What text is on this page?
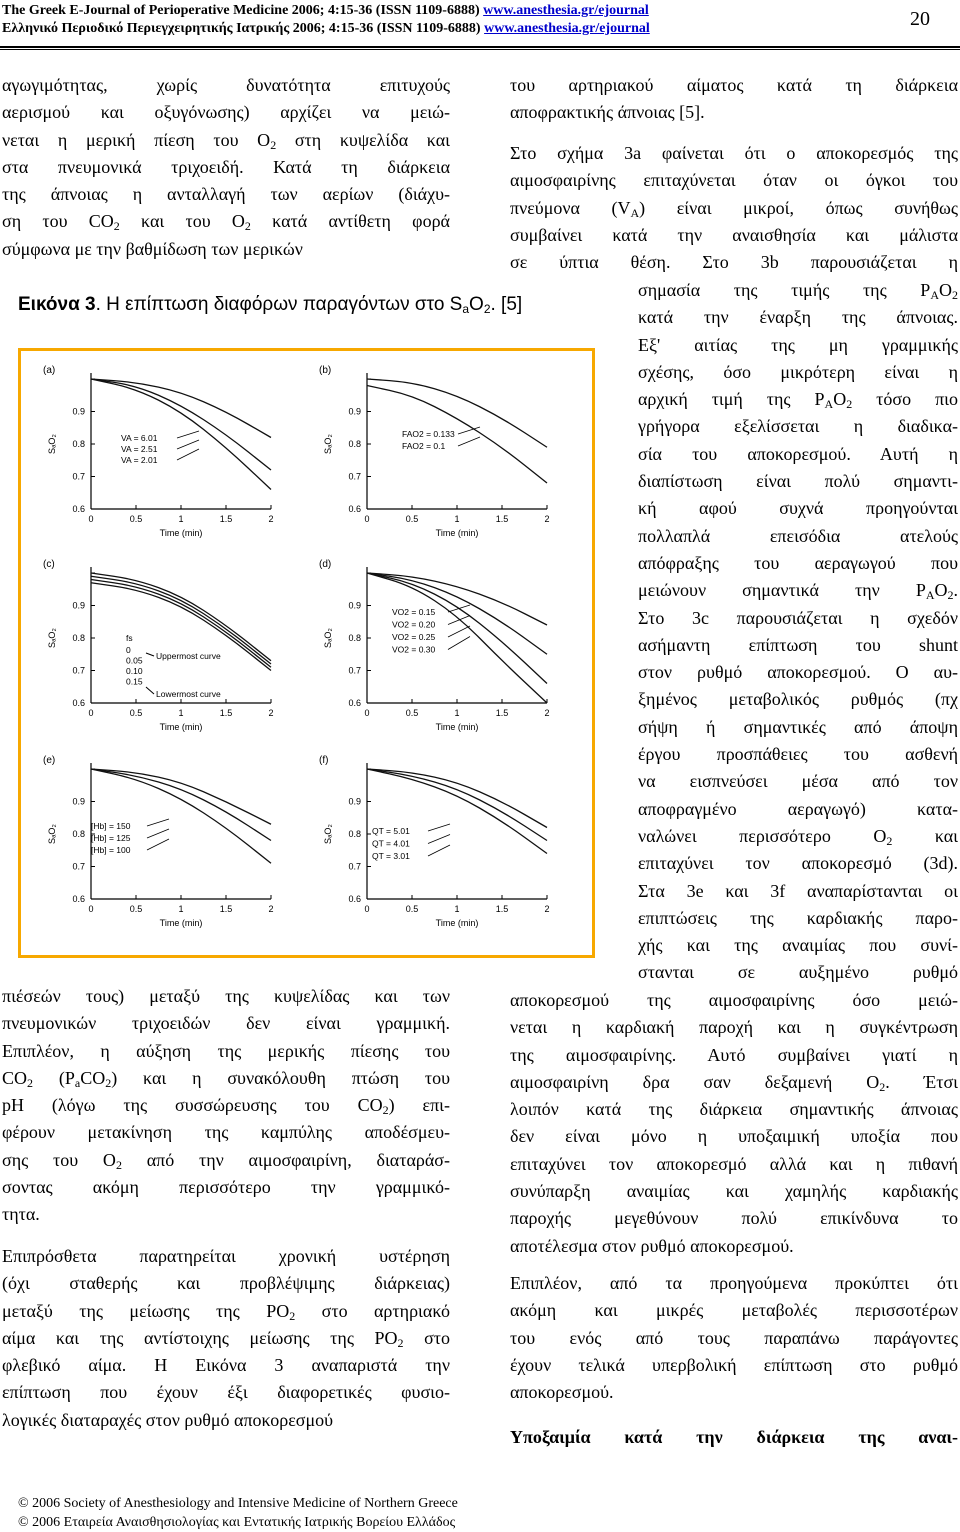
The Greek E-Journal of Perioperative Medicine 2006; 4:15-36 (ISSN 1109-6888) www.anesthesia.gr/ejournal
Ελληνικό Περιοδικό Περιεγχειρητικής Ιατρικής 2006; 4:15-36 (ISSN 1109-6888) www.anesthesia.gr/ejournal	20
αγωγιμότητας, χωρίς δυνατότητα επιτυχούς
αερισμού και οξυγόνωσης) αρχίζει να μειώ-
νεται η μερική πίεση του $O_2$ στη κυψελίδα και
στα πνευμονικά τριχοειδή. Κατά τη διάρκεια
της άπνοιας η ανταλλαγή των αερίων (διάχυ-
ση του $CO_2$ και του $O_2$ κατά αντίθετη φορά
σύμφωνα με την βαθμίδωση των μερικών
του αρτηριακού αίματος κατά τη διάρκεια
αποφρακτικής άπνοιας [5].
Στο σχήμα 3a φαίνεται ότι ο αποκορεσμός της
αιμοσφαιρίνης επιταχύνεται όταν οι όγκοι του
πνεύμονα $(V_A)$ είναι μικροί, όπως συνήθως
συμβαίνει κατά την αναισθησία και μάλιστα
σε ύπτια θέση. Στο 3b παρουσιάζεται η
σημασία της τιμής της $P_AO_2$
κατά την έναρξη της άπνοιας.
Εξ' αιτίας της μη γραμμικής
σχέσης, όσο μικρότερη είναι η
αρχική τιμή της $P_AO_2$ τόσο πιο
γρήγορα εξελίσσεται η διαδικα-
σία του αποκορεσμού. Αυτή η
διαπίστωση είναι πολύ σημαντι-
κή αφού συχνά προηγούνται
πολλαπλά επεισόδια ατελούς
απόφραξης του αεραγωγού που
μειώνουν σημαντικά την $P_AO_2$.
Στο 3c παρουσιάζεται η σχεδόν
ασήμαντη επίπτωση του shunt
στον ρυθμό αποκορεσμού. Ο αυ-
ξημένος μεταβολικός ρυθμός (πχ
σήψη ή σημαντικές από άποψη
έργου προσπάθειες του ασθενή
να εισπνεύσει μέσα από τον
αποφραγμένο αεραγωγό) κατα-
ναλώνει περισσότερο $O_2$ και
επιταχύνει τον αποκορεσμό (3d).
Στα 3e και 3f αναπαρίστανται οι
επιπτώσεις της καρδιακής παρο-
χής και της αναιμίας που συνί-
στανται σε αυξημένο ρυθμό
αποκορεσμού της αιμοσφαιρίνης όσο μειώ-
νεται η καρδιακή παροχή και η συγκέντρωση
της αιμοσφαιρίνης. Αυτό συμβαίνει γιατί η
αιμοσφαιρίνη δρα σαν δεξαμενή $O_2$. Έτσι
λοιπόν κατά της διάρκεια σημαντικής άπνοιας
δεν είναι μόνο η υποξαιμική υποξία που
επιταχύνει τον αποκορεσμό αλλά και η πιθανή
συνύπαρξη αναιμίας και χαμηλής καρδιακής
παροχής μεγεθύνουν πολύ επικίνδυνα το
αποτέλεσμα στον ρυθμό αποκορεσμού.
Επιπλέον, από τα προηγούμενα προκύπτει ότι
ακόμη και μικρές μεταβολές περισσοτέρων
του ενός από τους παραπάνω παράγοντες
έχουν τελικά υπερβολική επίπτωση στο ρυθμό
αποκορεσμού.
Υποξαιμία κατά την διάρκεια της αναι-
πιέσεών τους) μεταξύ της κυψελίδας και των
πνευμονικών τριχοειδών δεν είναι γραμμική.
Επιπλέον, η αύξηση της μερικής πίεσης του
$CO_2$ $(P_aCO_2)$ και η συνακόλουθη πτώση του
pH (λόγω της συσσώρευσης του $CO_2$) επι-
φέρουν μετακίνηση της καμπύλης αποδέσμευ-
σης του $O_2$ από την αιμοσφαιρίνη, διαταράσ-
σοντας ακόμη περισσότερο την γραμμικό-
τητα.
Επιπρόσθετα παρατηρείται χρονική υστέρηση
(όχι σταθερής και προβλέψιμης διάρκειας)
μεταξύ της μείωσης της $PO_2$ στο αρτηριακό
αίμα και της αντίστοιχης μείωσης της $PO_2$ στο
φλεβικό αίμα. Η Εικόνα 3 αναπαριστά την
επίπτωση που έχουν έξι διαφορετικές φυσιο-
λογικές διαταραχές στον ρυθμό αποκορεσμού
Εικόνα 3. Η επίπτωση διαφόρων παραγόντων στο $S_aO_2$. [5]
(a)
0.6
0.7
0.8
0.9
0	0.5	1	1.5	2
Time (min)
SₐO₂	VA = 6.01
VA = 2.51
VA = 2.01
(b)
0.6
0.7
0.8
0.9
0	0.5	1	1.5	2
Time (min)
SₐO₂
FAO2 = 0.133
FAO2 = 0.1
(c)
0.6
0.7
0.8
0.9
0	0.5	1	1.5	2
Time (min)
SₐO₂	fs
0
0.05
0.10
0.15
Uppermost curve
Lowermost curve
(d)
0.6
0.7
0.8
0.9
0	0.5	1	1.5	2
Time (min)
SₐO₂
VO2 = 0.15
VO2 = 0.20
VO2 = 0.25
VO2 = 0.30
(e)
0.6
0.7
0.8
0.9
0	0.5	1	1.5	2
Time (min)
SₐO₂	[Hb] = 150
[Hb] = 125
[Hb] = 100
(f)
0.6
0.7
0.8
0.9
0	0.5	1	1.5	2
Time (min)
SₐO₂	QT = 5.01
QT = 4.01
QT = 3.01
© 2006 Society of Anesthesiology and Intensive Medicine of Northern Greece
© 2006 Εταιρεία Αναισθησιολογίας και Εντατικής Ιατρικής Βορείου Ελλάδος
